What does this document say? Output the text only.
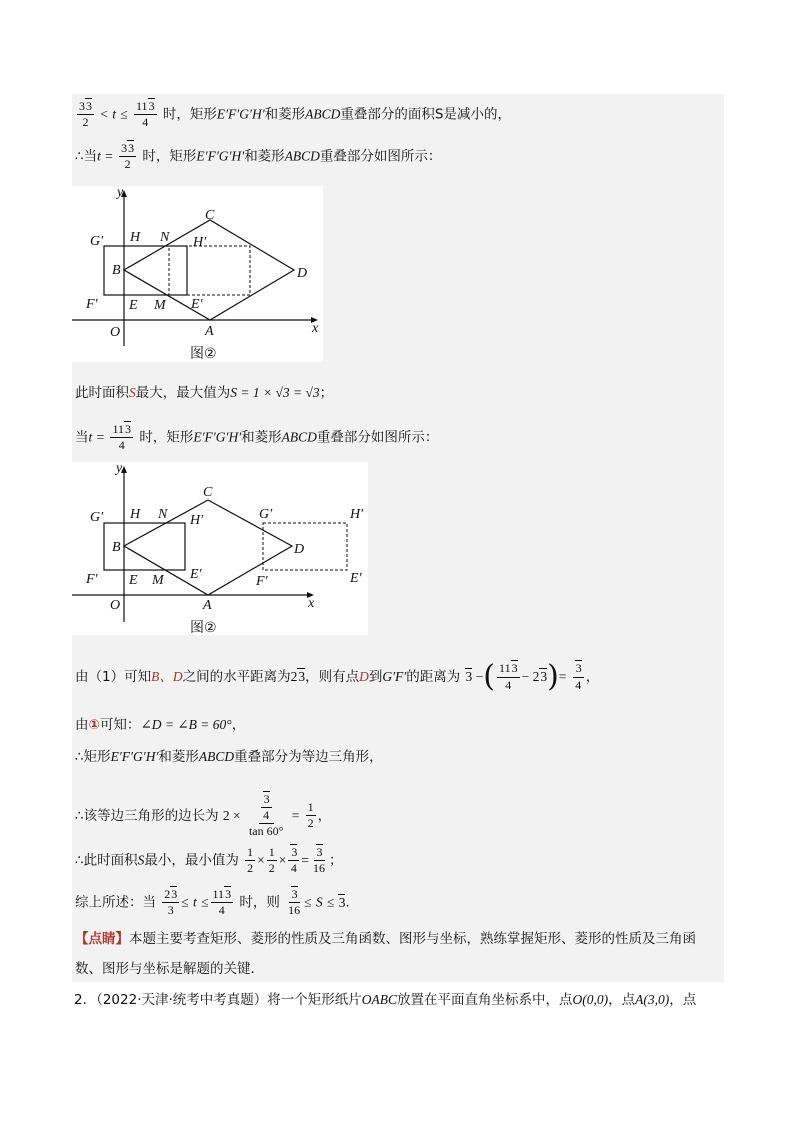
$\frac{33}{2} < t \le \frac{113}{4}$ 时，矩形E′F′G′H′和菱形ABCD重叠部分的面积S是减小的，
∴当$t = \frac{33}{2}$ 时，矩形E′F′G′H′和菱形ABCD重叠部分如图所示：
y
x
O	A
B
C
D
E M
N
H
G′
F′
H′
E′
图②
此时面积S最大，最大值为S = 1 × √3 = √3；
当$t = \frac{113}{4}$ 时，矩形E′F′G′H′和菱形ABCD重叠部分如图所示：
y
x
O	A
B
C
D
E M
N
H
G′
F′
H′
E′
G′	H′
F′	E′
图②
由（1）可知B、D之间的水平距离为23，则有点D到G′F′的距离为 3 −( $\frac{113}{4} - 23)= \frac{3}{4}$ ，
由①可知：∠D = ∠B = 60°，
∴矩形E′F′G′H′和菱形ABCD重叠部分为等边三角形，
∴该等边三角形的边长为 $2 \times \frac{\frac{3}{4}}{\tan 60^\circ} = \frac{1}{2}$ ，
∴此时面积S最小，最小值为 $\frac{1}{2} \times \frac{1}{2} \times \frac{3}{4} = \frac{3}{16}$ ；
综上所述：当 $\frac{23}{3} \le t \le \frac{113}{4}$ 时，则 $\frac{3}{16} \le S \le 3$．
【点睛】本题主要考查矩形、菱形的性质及三角函数、图形与坐标，熟练掌握矩形、菱形的性质及三角函
数、图形与坐标是解题的关键．
2．（2022·天津·统考中考真题）将一个矩形纸片OABC放置在平面直角坐标系中，点O(0,0)，点A(3,0)，点
